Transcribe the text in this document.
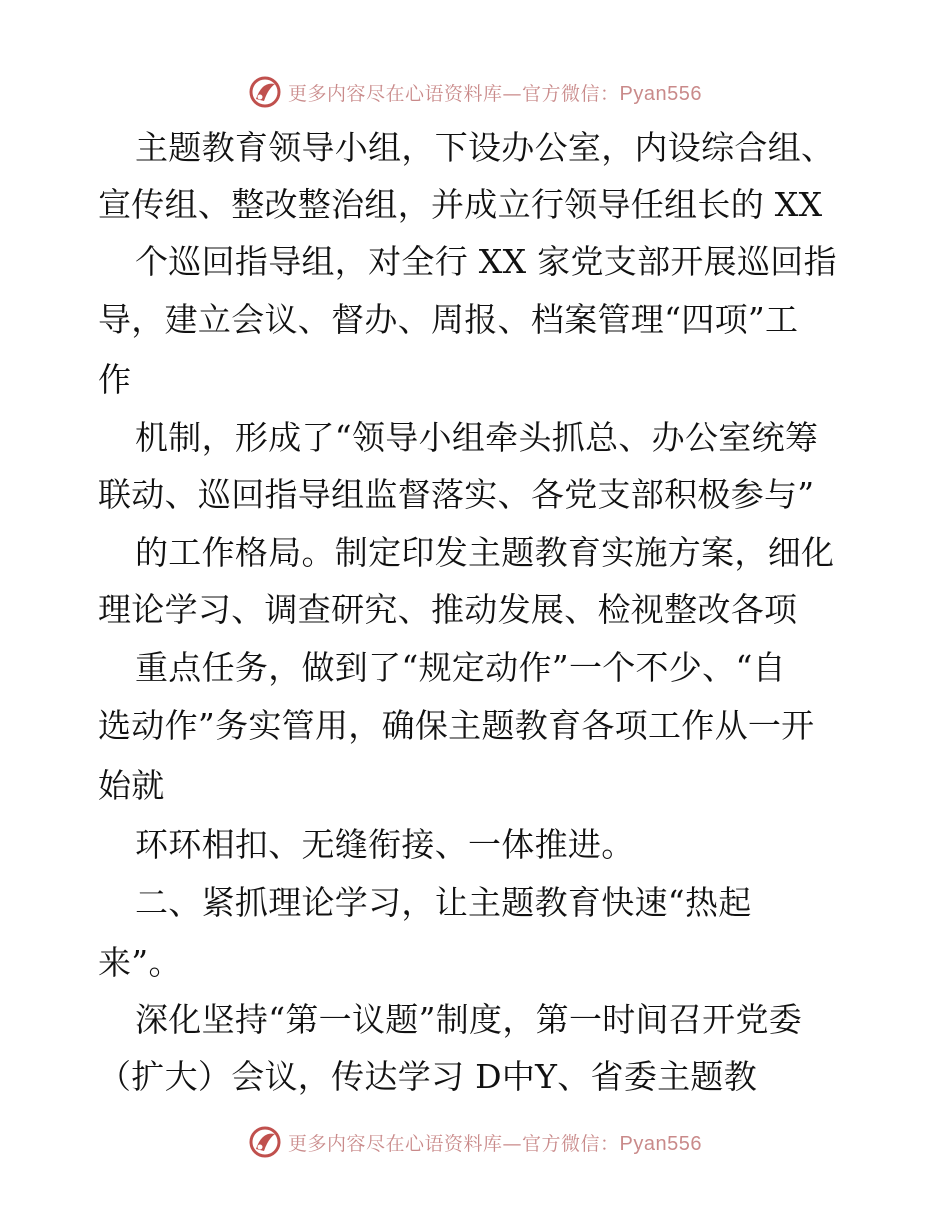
更多内容尽在心语资料库—官方微信：Pyan556
主题教育领导小组，下设办公室，内设综合组、
宣传组、整改整治组，并成立行领导任组长的 XX
个巡回指导组，对全行 XX 家党支部开展巡回指
导，建立会议、督办、周报、档案管理“四项”工
作
机制，形成了“领导小组牵头抓总、办公室统筹
联动、巡回指导组监督落实、各党支部积极参与”
的工作格局。制定印发主题教育实施方案，细化
理论学习、调查研究、推动发展、检视整改各项
重点任务，做到了“规定动作”一个不少、“自
选动作”务实管用，确保主题教育各项工作从一开
始就
环环相扣、无缝衔接、一体推进。
二、紧抓理论学习，让主题教育快速“热起
来”。
深化坚持“第一议题”制度，第一时间召开党委
（扩大）会议，传达学习 D中Y、省委主题教
更多内容尽在心语资料库—官方微信：Pyan556
